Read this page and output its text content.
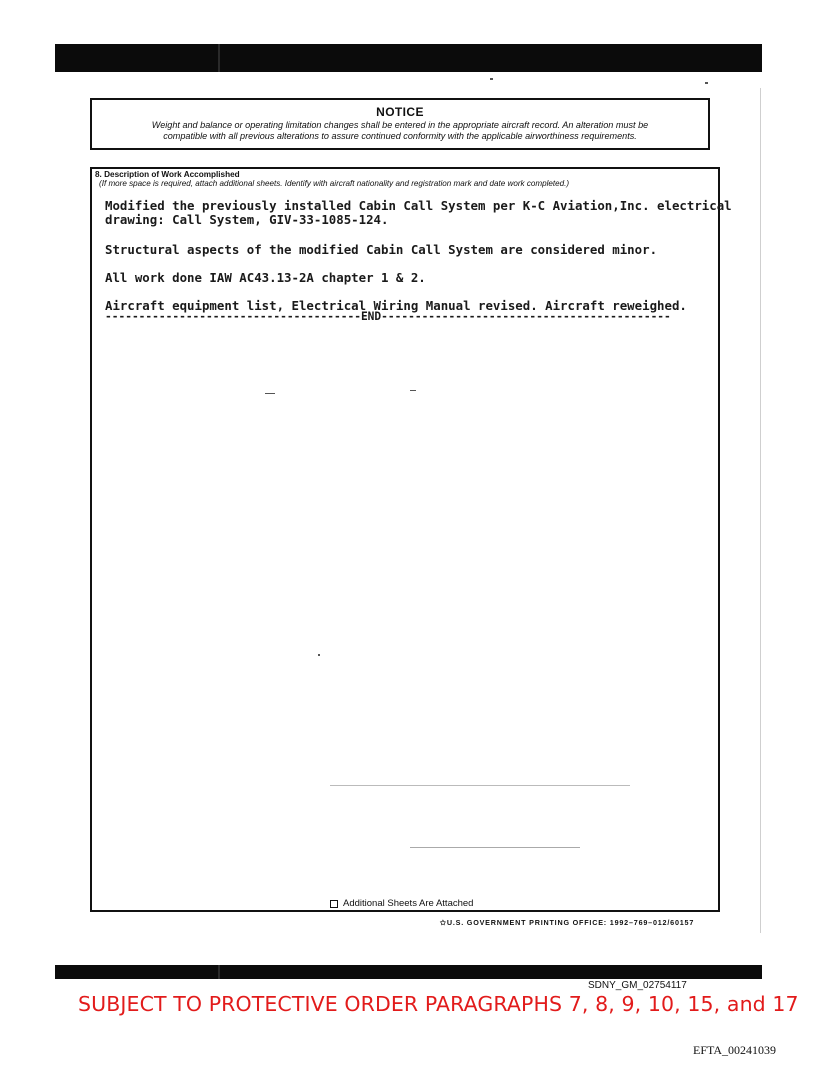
NOTICE
Weight and balance or operating limitation changes shall be entered in the appropriate aircraft record. An alteration must be
compatible with all previous alterations to assure continued conformity with the applicable airworthiness requirements.
8. Description of Work Accomplished
(If more space is required, attach additional sheets. Identify with aircraft nationality and registration mark and date work completed.)
Modified the previously installed Cabin Call System per K-C Aviation,Inc. electrical
drawing: Call System, GIV-33-1085-124.
Structural aspects of the modified Cabin Call System are considered minor.
All work done IAW AC43.13-2A chapter 1 & 2.
Aircraft equipment list, Electrical Wiring Manual revised. Aircraft reweighed.
--------------------------------------END-------------------------------------------
Additional Sheets Are Attached
✩U.S. GOVERNMENT PRINTING OFFICE: 1992–769–012/60157
SDNY_GM_02754117
SUBJECT TO PROTECTIVE ORDER PARAGRAPHS 7, 8, 9, 10, 15, and 17
EFTA_00241039
